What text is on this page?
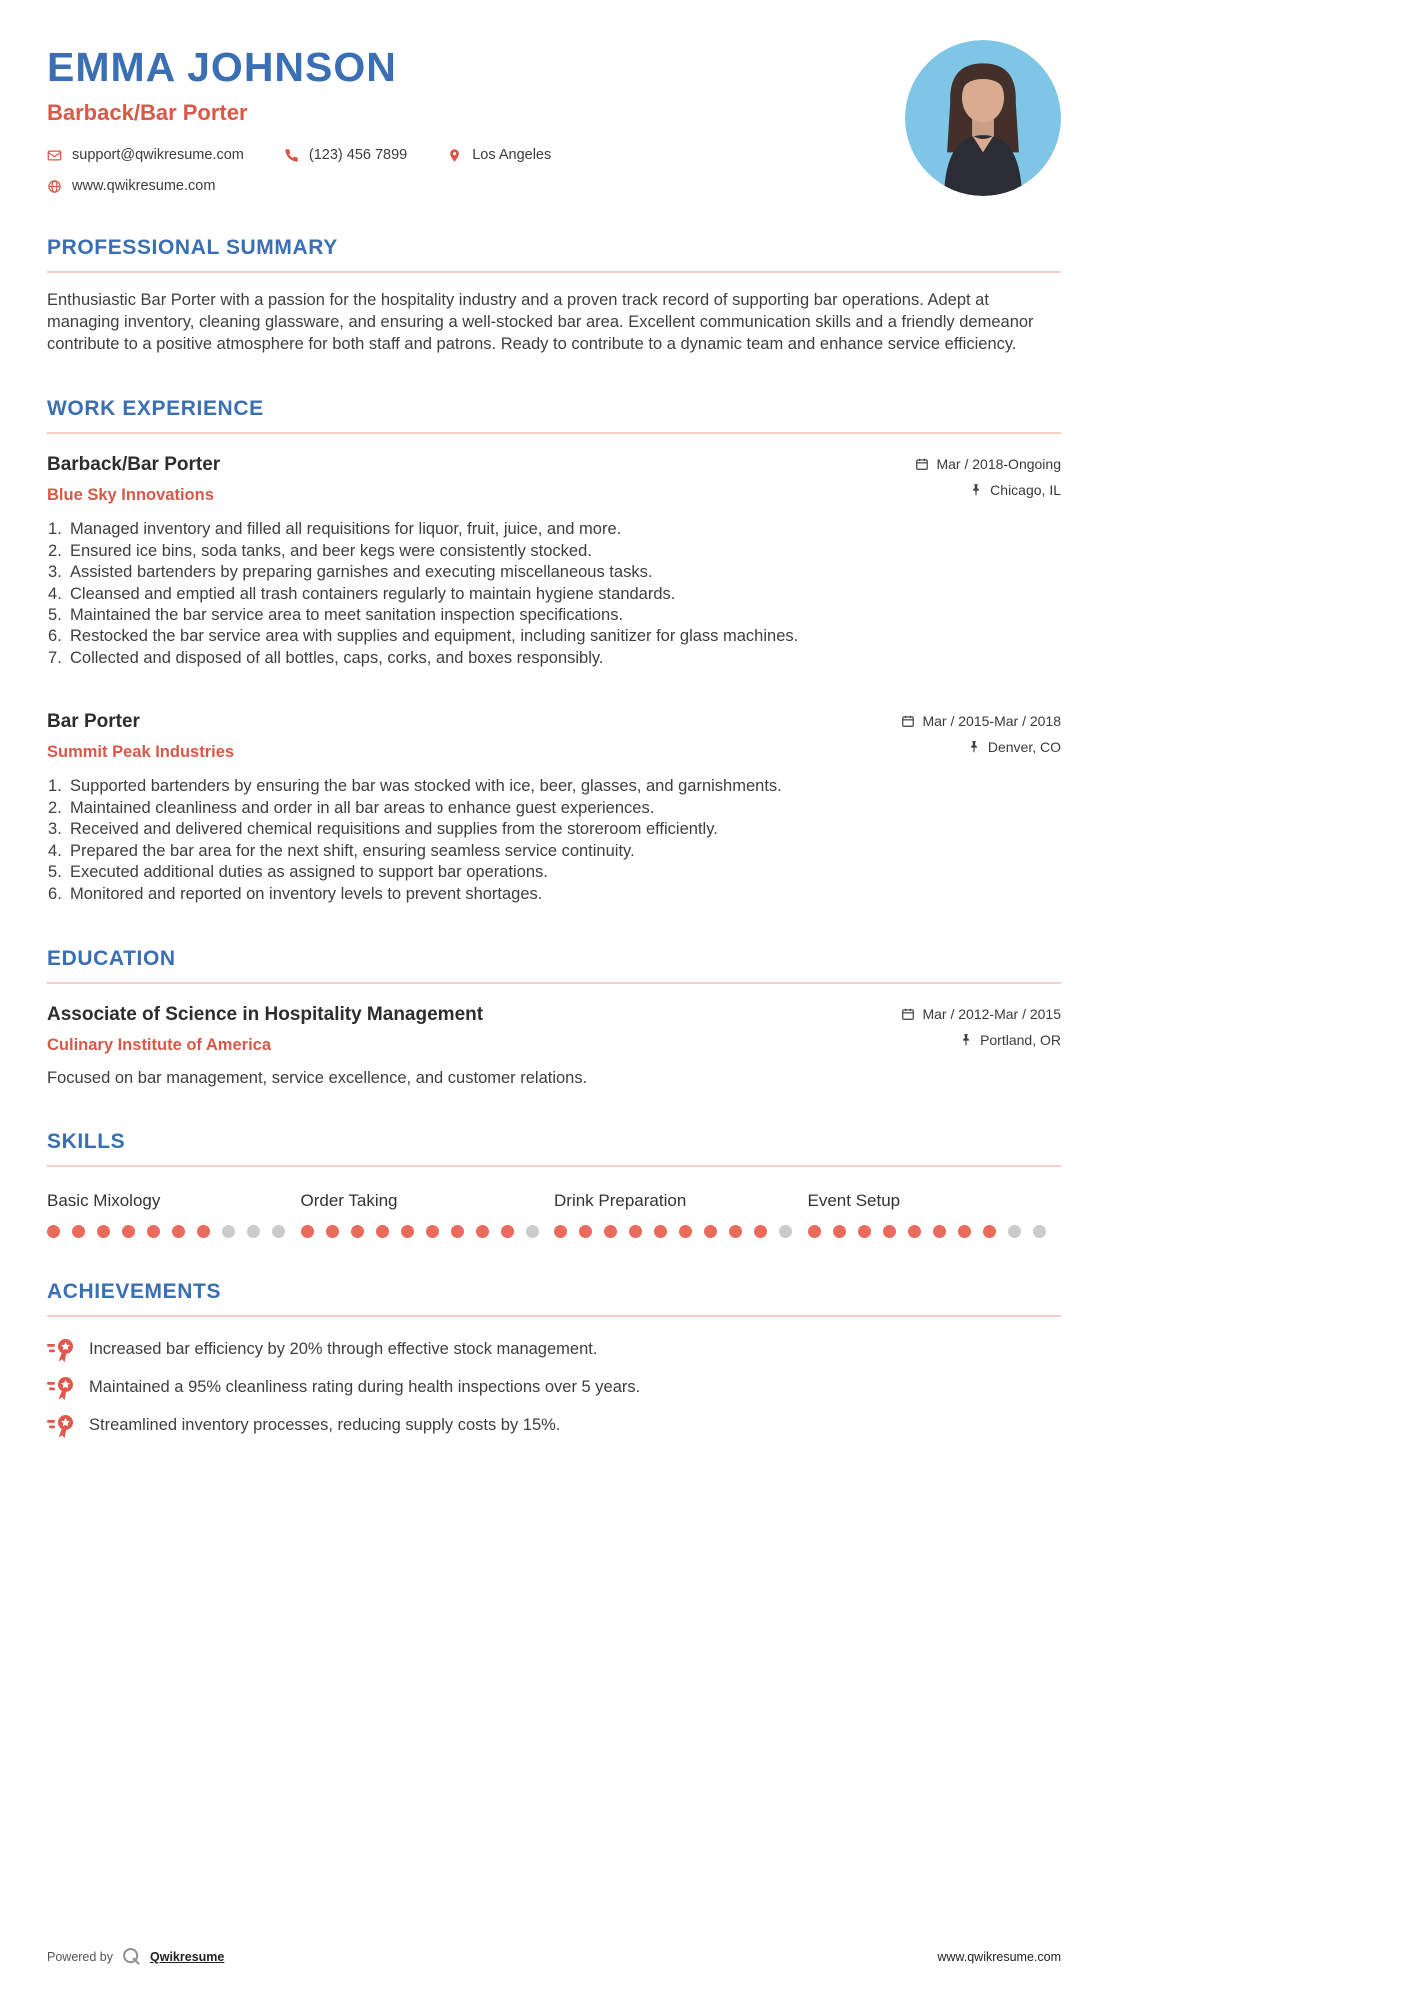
EMMA JOHNSON
Barback/Bar Porter
support@qwikresume.com	(123) 456 7899	Los Angeles
www.qwikresume.com
PROFESSIONAL SUMMARY

Enthusiastic Bar Porter with a passion for the hospitality industry and a proven track record of supporting bar operations. Adept at managing inventory, cleaning glassware, and ensuring a well-stocked bar area. Excellent communication skills and a friendly demeanor contribute to a positive atmosphere for both staff and patrons. Ready to contribute to a dynamic team and enhance service efficiency.

WORK EXPERIENCE
Barback/Bar Porter
Blue Sky Innovations
Mar / 2018-Ongoing
Chicago, IL
Managed inventory and filled all requisitions for liquor, fruit, juice, and more.
Ensured ice bins, soda tanks, and beer kegs were consistently stocked.
Assisted bartenders by preparing garnishes and executing miscellaneous tasks.
Cleansed and emptied all trash containers regularly to maintain hygiene standards.
Maintained the bar service area to meet sanitation inspection specifications.
Restocked the bar service area with supplies and equipment, including sanitizer for glass machines.
Collected and disposed of all bottles, caps, corks, and boxes responsibly.
Bar Porter
Summit Peak Industries
Mar / 2015-Mar / 2018
Denver, CO
Supported bartenders by ensuring the bar was stocked with ice, beer, glasses, and garnishments.
Maintained cleanliness and order in all bar areas to enhance guest experiences.
Received and delivered chemical requisitions and supplies from the storeroom efficiently.
Prepared the bar area for the next shift, ensuring seamless service continuity.
Executed additional duties as assigned to support bar operations.
Monitored and reported on inventory levels to prevent shortages.
EDUCATION
Associate of Science in Hospitality Management
Culinary Institute of America
Mar / 2012-Mar / 2015
Portland, OR
Focused on bar management, service excellence, and customer relations.
SKILLS
Basic Mixology	Order Taking	Drink Preparation	Event Setup
ACHIEVEMENTS
Increased bar efficiency by 20% through effective stock management.
Maintained a 95% cleanliness rating during health inspections over 5 years.
Streamlined inventory processes, reducing supply costs by 15%.
Powered by	Qwikresume	www.qwikresume.com
